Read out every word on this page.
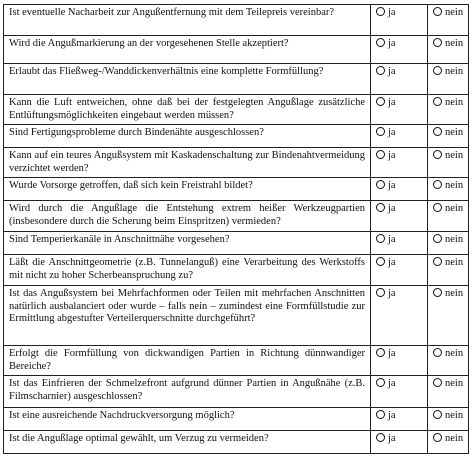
Ist eventuelle Nacharbeit zur Angußentfernung mit dem Teilepreis vereinbar?	ja	nein
Wird die Angußmarkierung an der vorgesehenen Stelle akzeptiert?	ja	nein
Erlaubt das Fließweg-/Wanddickenverhältnis eine komplette Formfüllung?	ja	nein
Kann die Luft entweichen, ohne daß bei der festgelegten Angußlage zusätzliche Entlüftungsmöglichkeiten eingebaut werden müssen?	ja	nein
Sind Fertigungsprobleme durch Bindenähte ausgeschlossen?	ja	nein
Kann auf ein teures Angußsystem mit Kaskadenschaltung zur Bindenahtvermeidung verzichtet werden?	ja	nein
Wurde Vorsorge getroffen, daß sich kein Freistrahl bildet?	ja	nein
Wird durch die Angußlage die Entstehung extrem heißer Werkzeugpartien (insbesondere durch die Scherung beim Einspritzen) vermieden?	ja	nein
Sind Temperierkanäle in Anschnittnähe vorgesehen?	ja	nein
Läßt die Anschnittgeometrie (z.B. Tunnelanguß) eine Verarbeitung des Werkstoffs mit nicht zu hoher Scherbeanspruchung zu?	ja	nein
Ist das Angußsystem bei Mehrfachformen oder Teilen mit mehrfachen Anschnitten natürlich ausbalanciert oder wurde – falls nein – zumindest eine Formfüllstudie zur Ermittlung abgestufter Verteilerquerschnitte durchgeführt?	ja	nein
Erfolgt die Formfüllung von dickwandigen Partien in Richtung dünnwandiger Bereiche?	ja	nein
Ist das Einfrieren der Schmelzefront aufgrund dünner Partien in Angußnähe (z.B. Filmscharnier) ausgeschlossen?	ja	nein
Ist eine ausreichende Nachdruckversorgung möglich?	ja	nein
Ist die Angußlage optimal gewählt, um Verzug zu vermeiden?	ja	nein
